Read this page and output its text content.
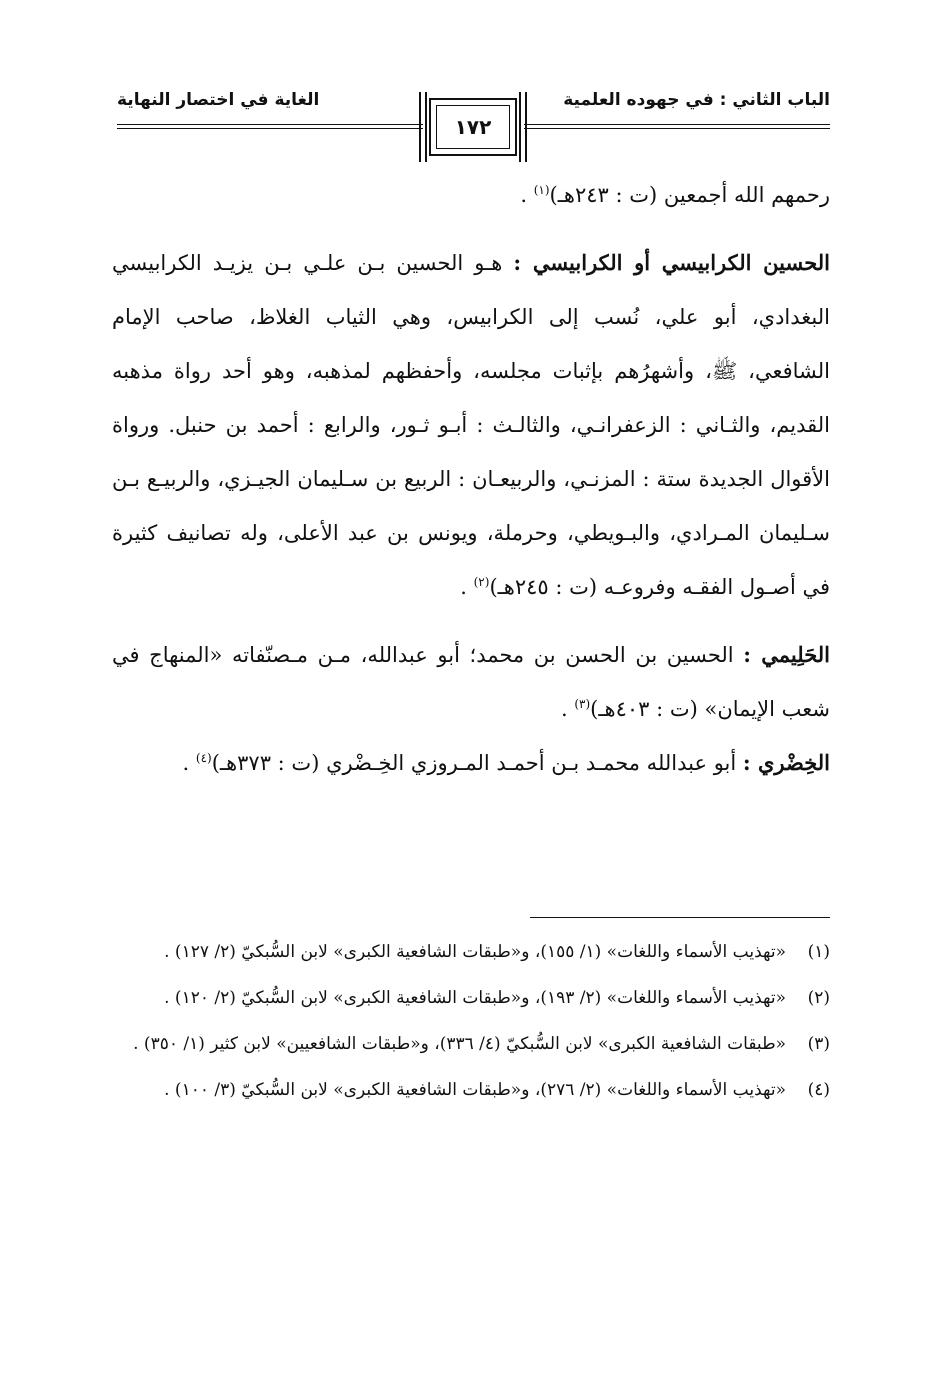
الباب الثاني : في جهوده العلمية
الغاية في اختصار النهاية
١٧٢

رحمهم الله أجمعين (ت : ٢٤٣هـ)$^{(١)}$ .

الحسين الكرابيسي أو الكرابيسي : هـو الحسين بـن علـي بـن يزيـد الكرابيسي البغدادي، أبو علي، نُسب إلى الكرابيس، وهي الثياب الغلاظ، صاحب الإمام الشافعي، ﷺ، وأشهرُهم بإثبات مجلسه، وأحفظهم لمذهبه، وهو أحد رواة مذهبه القديم، والثـاني : الزعفرانـي، والثالـث : أبـو ثـور، والرابع : أحمد بن حنبل. ورواة الأقوال الجديدة ستة : المزنـي، والربيعـان : الربيع بن سـليمان الجيـزي، والربيـع بـن سـليمان المـرادي، والبـويطي، وحرملة، ويونس بن عبد الأعلى، وله تصانيف كثيرة في أصـول الفقـه وفروعـه (ت : ٢٤٥هـ)$^{(٢)}$ .

الحَلِيمي : الحسين بن الحسن بن محمد؛ أبو عبدالله، مـن مـصنّفاته «المنهاج في شعب الإيمان» (ت : ٤٠٣هـ)$^{(٣)}$ .

الخِضْري : أبو عبدالله محمـد بـن أحمـد المـروزي الخِـضْري (ت : ٣٧٣هـ)$^{(٤)}$ .

(١)
«تهذيب الأسماء واللغات» (١/ ١٥٥)، و«طبقات الشافعية الكبرى» لابن السُّبكيّ (٢/ ١٢٧) .
(٢)
«تهذيب الأسماء واللغات» (٢/ ١٩٣)، و«طبقات الشافعية الكبرى» لابن السُّبكيّ (٢/ ١٢٠) .
(٣)
«طبقات الشافعية الكبرى» لابن السُّبكيّ (٤/ ٣٣٦)، و«طبقات الشافعيين» لابن كثير (١/ ٣٥٠) .
(٤)
«تهذيب الأسماء واللغات» (٢/ ٢٧٦)، و«طبقات الشافعية الكبرى» لابن السُّبكيّ (٣/ ١٠٠) .
